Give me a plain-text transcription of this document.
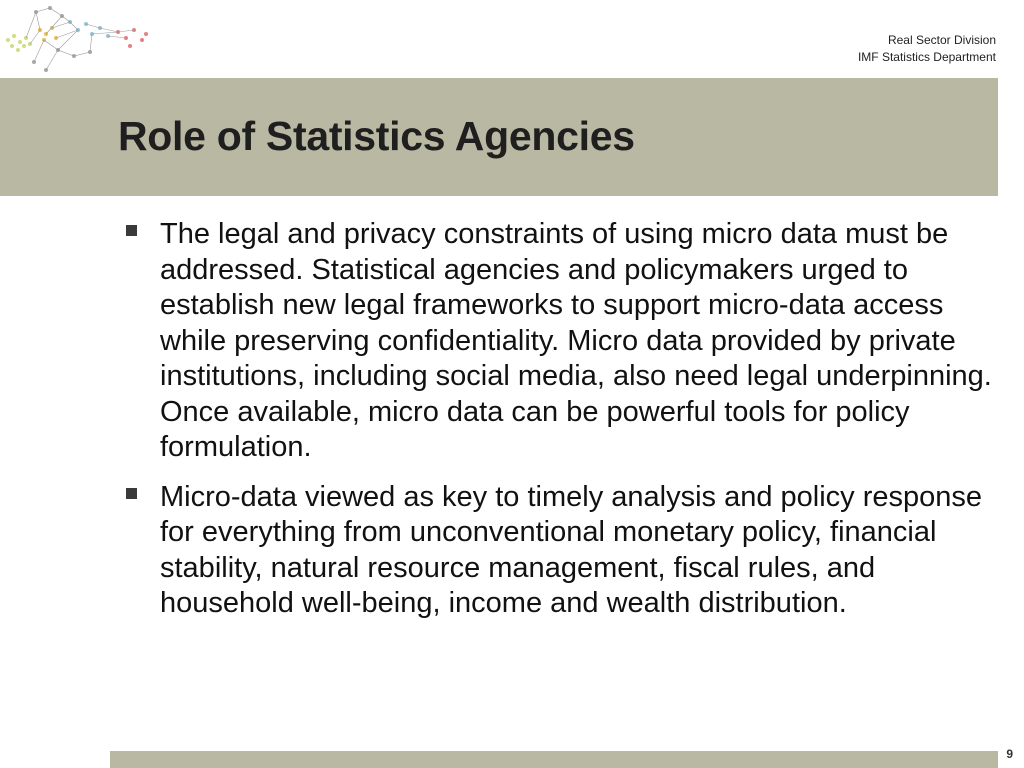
Real Sector Division
IMF Statistics Department
Role of Statistics Agencies
The legal and privacy constraints of using micro data must be addressed. Statistical agencies and policymakers urged to establish new legal frameworks to support micro-data access while preserving confidentiality. Micro data provided by private institutions, including social media, also need legal underpinning. Once available, micro data can be powerful tools for policy formulation.
Micro-data viewed as key to timely analysis and policy response for everything from unconventional monetary policy, financial stability, natural resource management, fiscal rules, and household well-being, income and wealth distribution.
9
